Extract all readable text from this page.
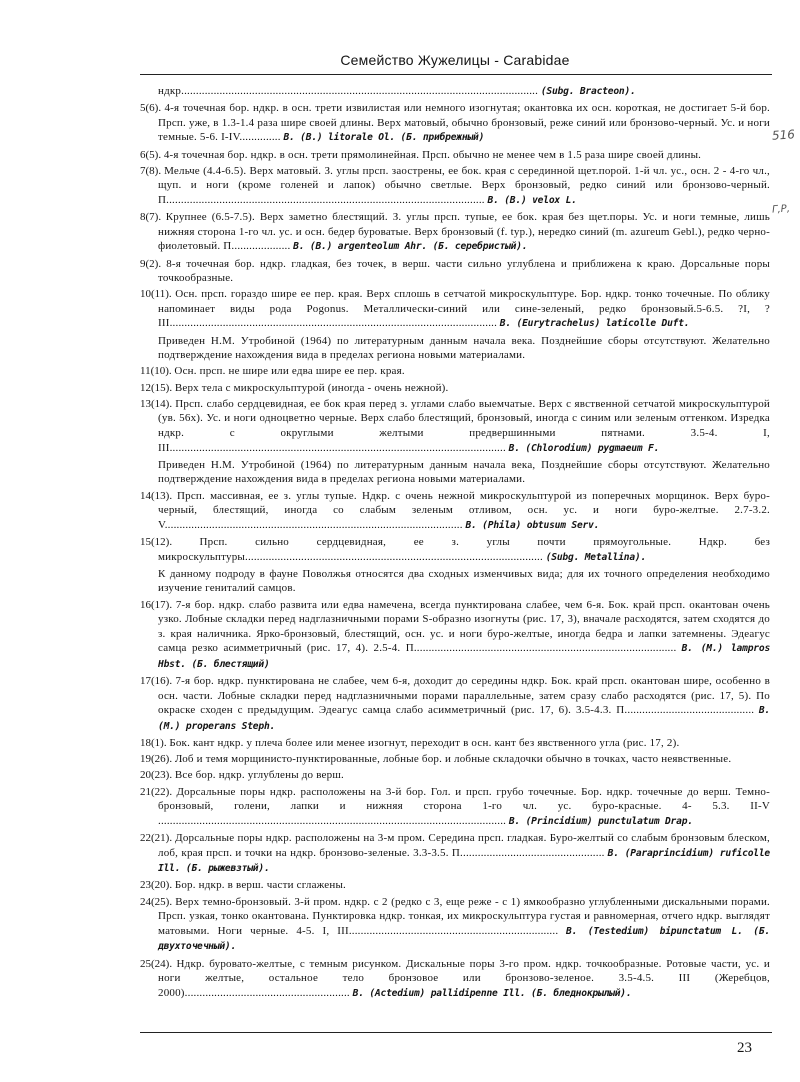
Семейство Жужелицы - Carabidae

ндкр......................................................................................................................... (Subg. Bracteon).

5(6). 4-я точечная бор. ндкр. в осн. трети извилистая или немного изогнутая; окантовка их осн. короткая, не достигает 5-й бор. Прсп. уже, в 1.3-1.4 раза шире своей длины. Верх матовый, обычно бронзовый, реже синий или бронзово-черный. Ус. и ноги темные. 5-6. I-IV.............. B. (B.) litorale Ol. (Б. прибрежный)

6(5). 4-я точечная бор. ндкр. в осн. трети прямолинейная. Прсп. обычно не менее чем в 1.5 раза шире своей длины.

7(8). Мельче (4.4-6.5). Верх матовый. З. углы прсп. заострены, ее бок. края с серединной щет.порой. 1-й чл. ус., осн. 2 - 4-го чл., щуп. и ноги (кроме голеней и лапок) обычно светлые. Верх бронзовый, редко синий или бронзово-черный. П............................................................................................................ B. (B.) velox L.

8(7). Крупнее (6.5-7.5). Верх заметно блестящий. З. углы прсп. тупые, ее бок. края без щет.поры. Ус. и ноги темные, лишь нижняя сторона 1-го чл. ус. и осн. бедер буроватые. Верх бронзовый (f. typ.), нередко синий (m. azureum Gebl.), редко черно-фиолетовый. П.................... B. (B.) argenteolum Ahr. (Б. серебристый).

9(2). 8-я точечная бор. ндкр. гладкая, без точек, в верш. части сильно углублена и приближена к краю. Дорсальные поры точкообразные.

10(11). Осн. прсп. гораздо шире ее пер. края. Верх сплошь в сетчатой микроскульптуре. Бор. ндкр. тонко точечные. По облику напоминает виды рода Pogonus. Металлически-синий или сине-зеленый, редко бронзовый.5-6.5. ?I, ?III............................................................................................................... B. (Eurytrachelus) laticolle Duft.

Приведен Н.М. Утробиной (1964) по литературным данным начала века. Позднейшие сборы отсутствуют. Желательно подтверждение нахождения вида в пределах региона новыми материалами.

11(10). Осн. прсп. не шире или едва шире ее пер. края.

12(15). Верх тела с микроскульптурой (иногда - очень нежной).

13(14). Прсп. слабо сердцевидная, ее бок края перед з. углами слабо выемчатые. Верх с явственной сетчатой микроскульптурой (ув. 56х). Ус. и ноги одноцветно черные. Верх слабо блестящий, бронзовый, иногда с синим или зеленым оттенком. Изредка ндкр. с округлыми желтыми предвершинными пятнами. 3.5-4. I, III.................................................................................................................. B. (Chlorodium) pygmaeum F.

Приведен Н.М. Утробиной (1964) по литературным данным начала века, Позднейшие сборы отсутствуют. Желательно подтверждение нахождения вида в пределах региона новыми материалами.

14(13). Прсп. массивная, ее з. углы тупые. Ндкр. с очень нежной микроскульптурой из поперечных морщинок. Верх буро-черный, блестящий, иногда со слабым зеленым отливом, осн. ус. и ноги буро-желтые. 2.7-3.2. V..................................................................................................... B. (Phila) obtusum Serv.

15(12). Прсп. сильно сердцевидная, ее з. углы почти прямоугольные. Ндкр. без микроскульптуры..................................................................................................... (Subg. Metallina).

К данному подроду в фауне Поволжья относятся два сходных изменчивых вида; для их точного определения необходимо изучение гениталий самцов.

16(17). 7-я бор. ндкр. слабо развита или едва намечена, всегда пунктирована слабее, чем 6-я. Бок. край прсп. окантован очень узко. Лобные складки перед надглазничными порами S-образно изогнуты (рис. 17, 3), вначале расходятся, затем сходятся до з. края наличника. Ярко-бронзовый, блестящий, осн. ус. и ноги буро-желтые, иногда бедра и лапки затемнены. Эдеагус самца резко асимметричный (рис. 17, 4). 2.5-4. П......................................................................................... B. (M.) lampros Hbst. (Б. блестящий)

17(16). 7-я бор. ндкр. пунктирована не слабее, чем 6-я, доходит до середины ндкр. Бок. край прсп. окантован шире, особенно в осн. части. Лобные складки перед надглазничными порами параллельные, затем сразу слабо расходятся (рис. 17, 5). По окраске сходен с предыдущим. Эдеагус самца слабо асимметричный (рис. 17, 6). 3.5-4.3. П............................................ B. (M.) properans Steph.

18(1). Бок. кант ндкр. у плеча более или менее изогнут, переходит в осн. кант без явственного угла (рис. 17, 2).

19(26). Лоб и темя морщинисто-пунктированные, лобные бор. и лобные складочки обычно в точках, часто неявственные.

20(23). Все бор. ндкр. углублены до верш.

21(22). Дорсальные поры ндкр. расположены на 3-й бор. Гол. и прсп. грубо точечные. Бор. ндкр. точечные до верш. Темно-бронзовый, голени, лапки и нижняя сторона 1-го чл. ус. буро-красные. 4- 5.3. II-V ...................................................................................................................... B. (Princidium) punctulatum Drap.

22(21). Дорсальные поры ндкр. расположены на 3-м пром. Середина прсп. гладкая. Буро-желтый со слабым бронзовым блеском, лоб, края прсп. и точки на ндкр. бронзово-зеленые. 3.3-3.5. П................................................. B. (Paraprincidium) ruficolle Ill. (Б. рыжевзтый).

23(20). Бор. ндкр. в верш. части сглажены.

24(25). Верх темно-бронзовый. 3-й пром. ндкр. с 2 (редко с 3, еще реже - с 1) ямкообразно углубленными дискальными порами. Прсп. узкая, тонко окантована. Пунктировка ндкр. тонкая, их микроскульптура густая и равномерная, отчего ндкр. выглядят матовыми. Ноги черные. 4-5. I, III....................................................................... B. (Testedium) bipunctatum L. (Б. двухточечный).

25(24). Ндкр. буровато-желтые, с темным рисунком. Дискальные поры 3-го пром. ндкр. точкообразные. Ротовые части, ус. и ноги желтые, остальное тело бронзовое или бронзово-зеленое. 3.5-4.5. III (Жеребцов, 2000)........................................................ B. (Actedium) pallidipenne Ill. (Б. бледнокрылый).

516
Г,Р,
23
